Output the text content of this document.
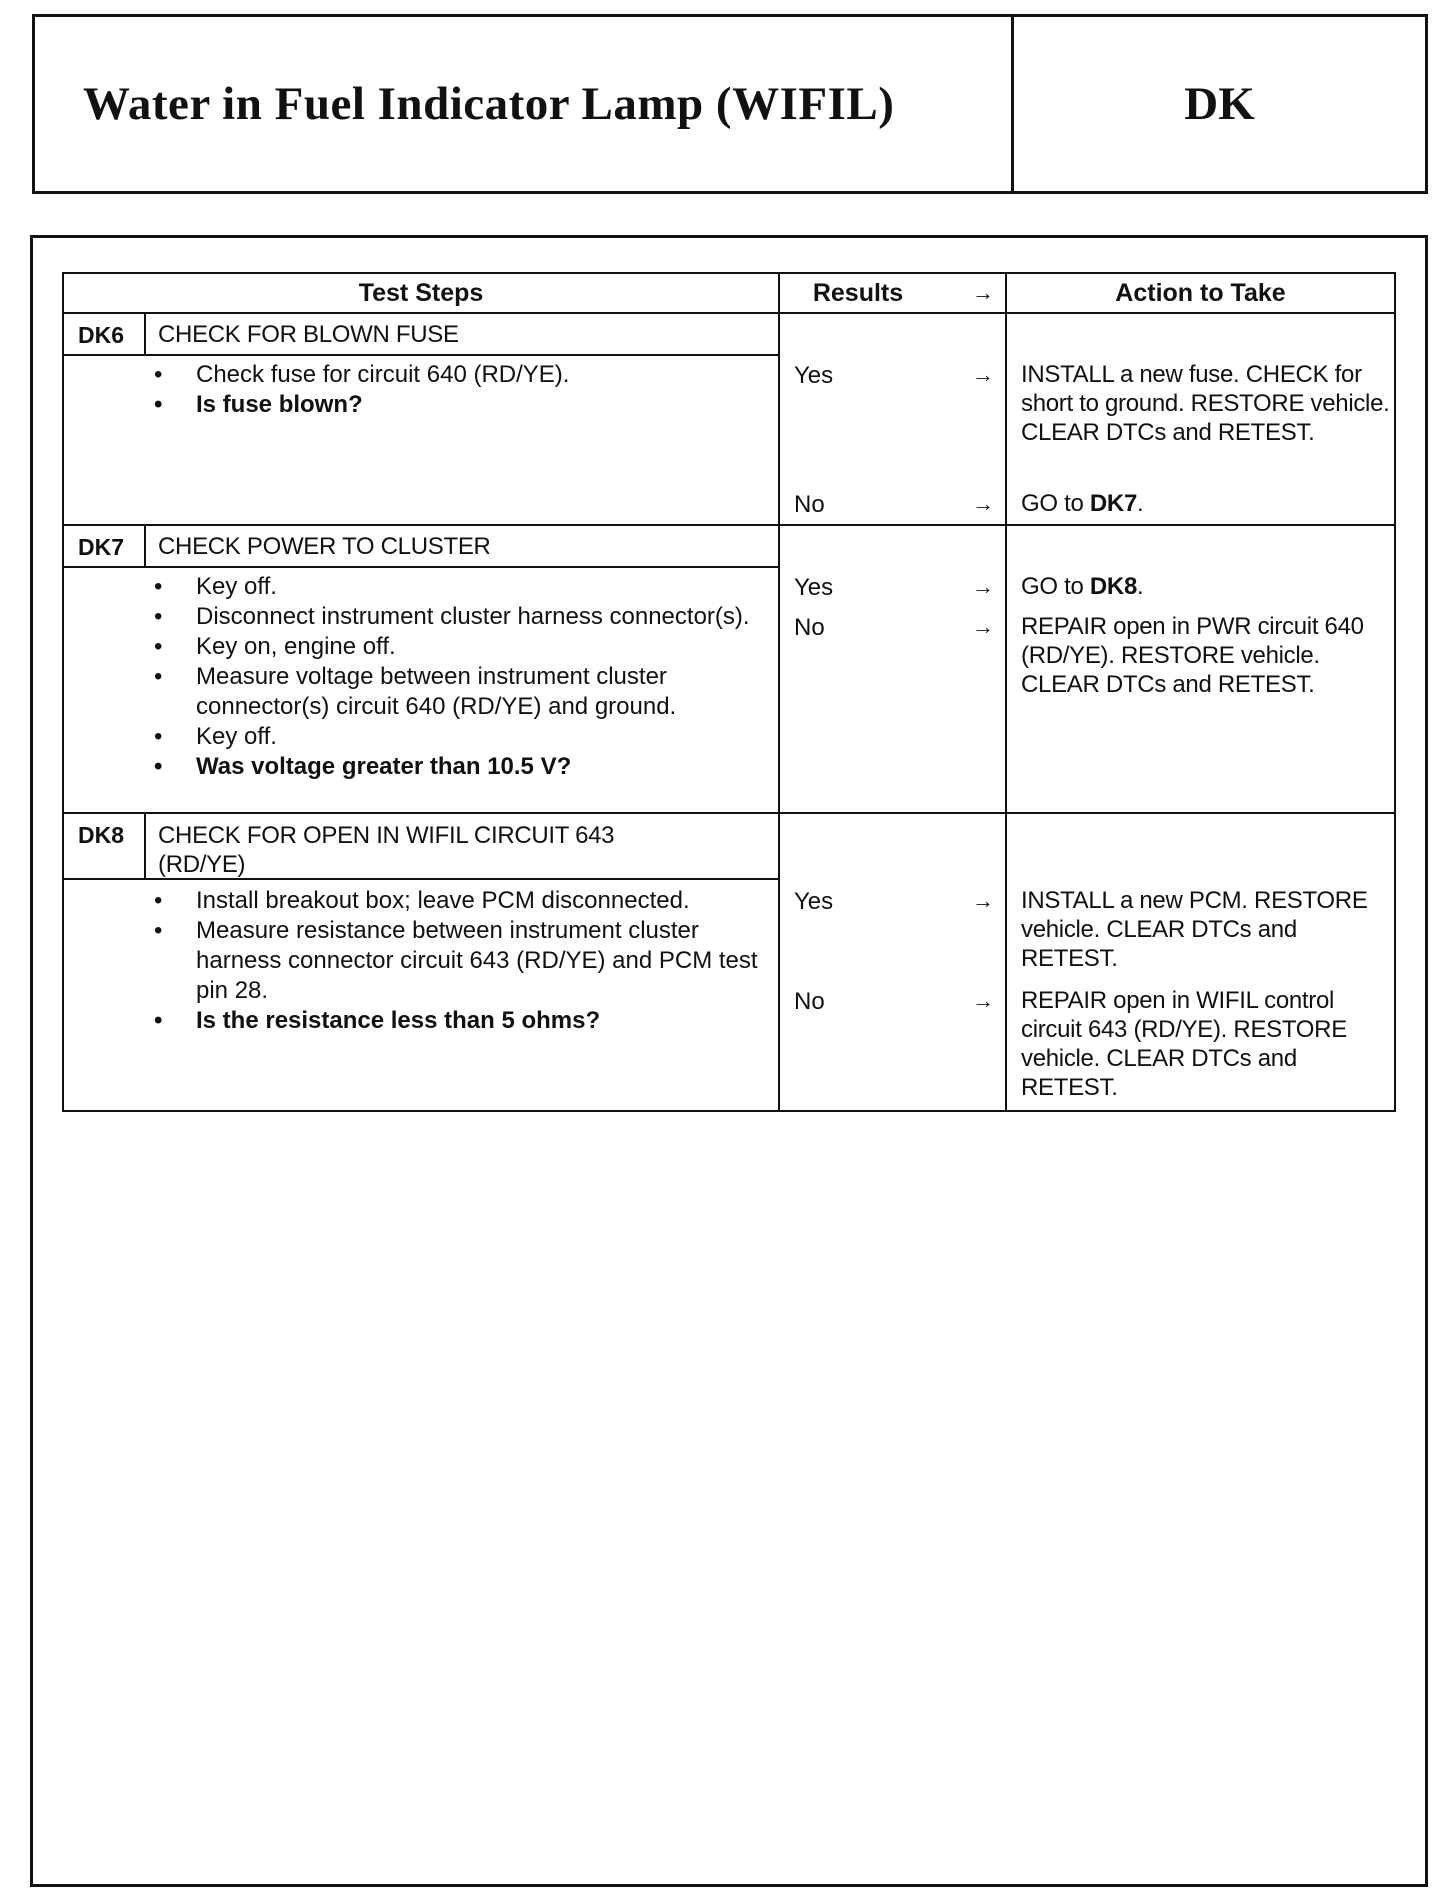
Water in Fuel Indicator Lamp (WIFIL)	DK
Test Steps	Results	→	Action to Take
DK6 CHECK FOR BLOWN FUSE
• Check fuse for circuit 640 (RD/YE).
• Is fuse blown?
Yes	→ INSTALL a new fuse. CHECK for short to ground. RESTORE vehicle. CLEAR DTCs and RETEST.
No	→ GO to DK7.
DK7 CHECK POWER TO CLUSTER
• Key off.
• Disconnect instrument cluster harness connector(s).
• Key on, engine off.
• Measure voltage between instrument cluster connector(s) circuit 640 (RD/YE) and ground.
• Key off.
• Was voltage greater than 10.5 V?
Yes	→ GO to DK8.
No	→ REPAIR open in PWR circuit 640 (RD/YE). RESTORE vehicle. CLEAR DTCs and RETEST.
DK8 CHECK FOR OPEN IN WIFIL CIRCUIT 643 (RD/YE)
• Install breakout box; leave PCM disconnected.
• Measure resistance between instrument cluster harness connector circuit 643 (RD/YE) and PCM test pin 28.
• Is the resistance less than 5 ohms?
Yes	→ INSTALL a new PCM. RESTORE vehicle. CLEAR DTCs and RETEST.
No	→ REPAIR open in WIFIL control circuit 643 (RD/YE). RESTORE vehicle. CLEAR DTCs and RETEST.
